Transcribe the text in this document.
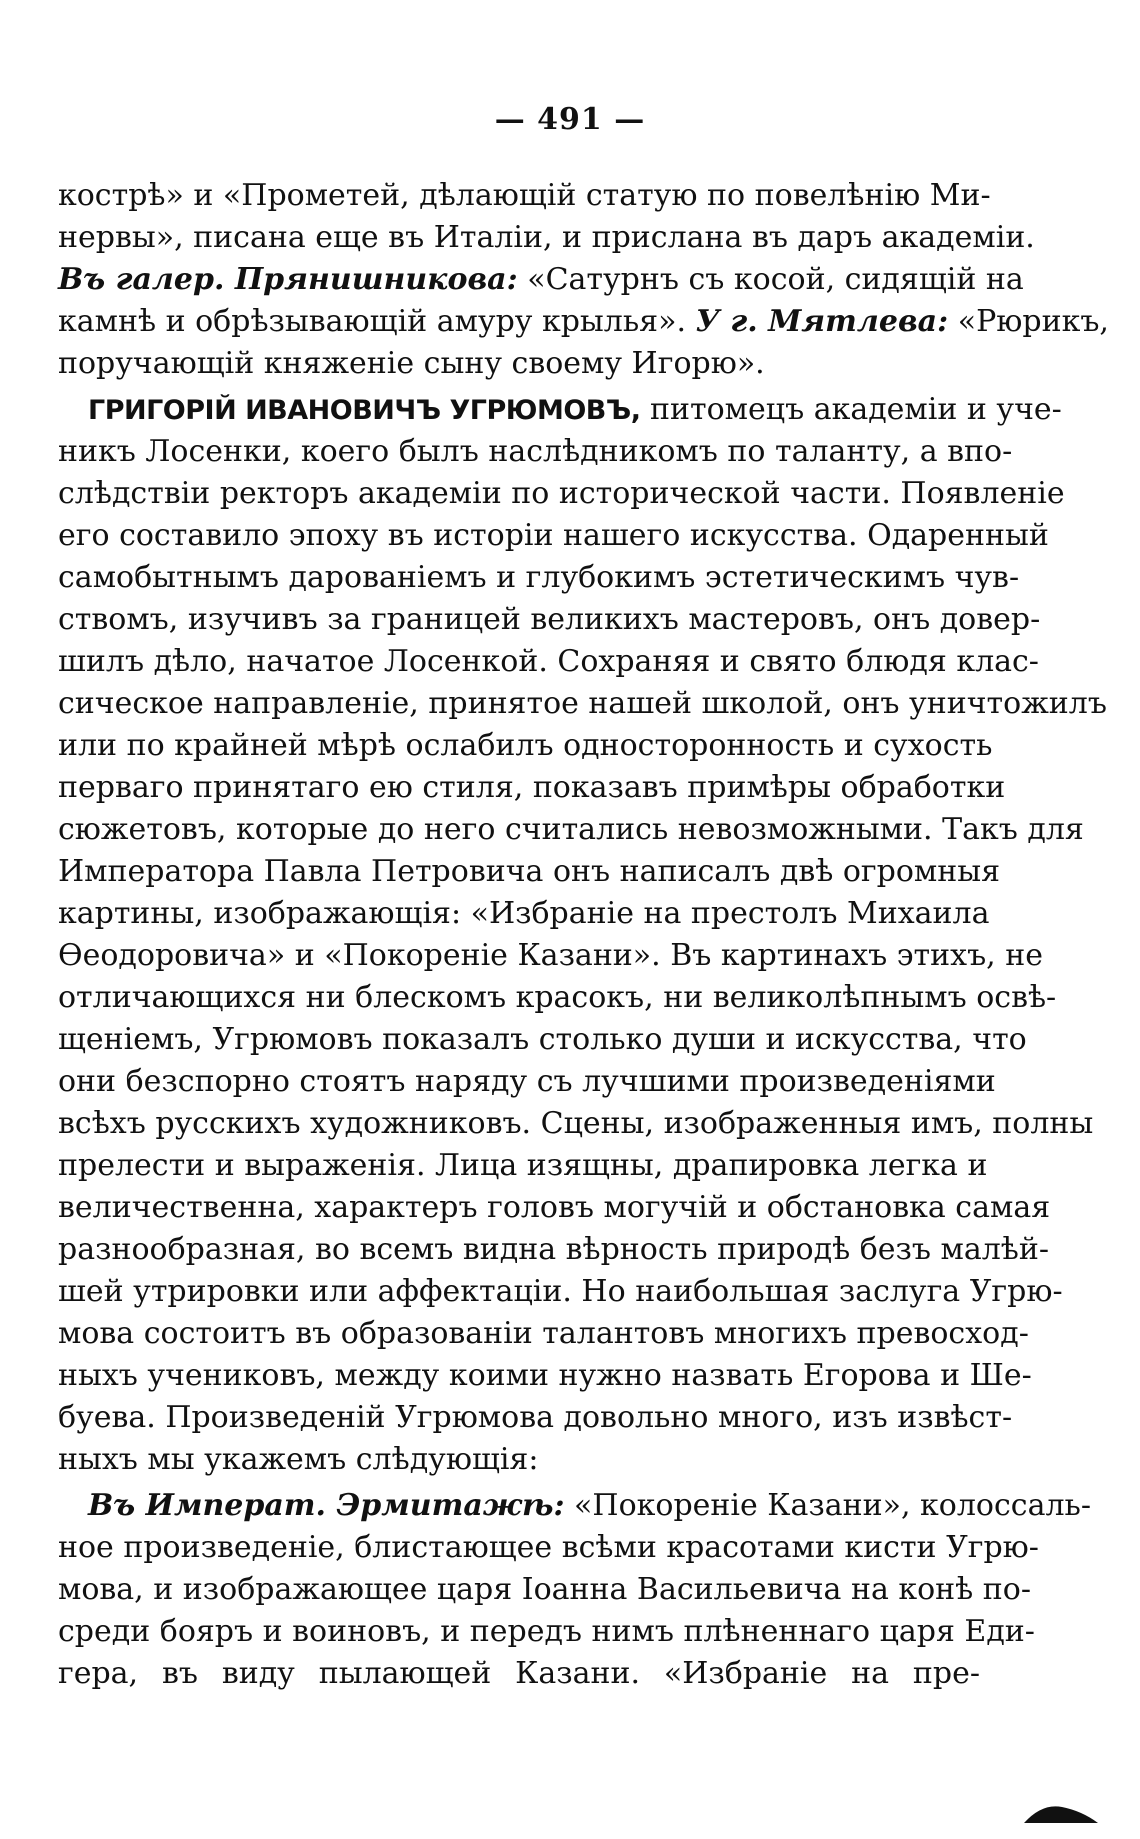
— 491 —
кострѣ» и «Прометей, дѣлающій статую по повелѣнію Ми-
нервы», писана еще въ Италіи, и прислана въ даръ академіи.
Въ галер. Прянишникова: «Сатурнъ съ косой, сидящій на
камнѣ и обрѣзывающій амуру крылья». У г. Мятлева: «Рюрикъ,
поручающій княженіе сыну своему Игорю».
ГРИГОРІЙ ИВАНОВИЧЪ УГРЮМОВЪ, питомецъ академіи и уче-
никъ Лосенки, коего былъ наслѣдникомъ по таланту, а впо-
слѣдствіи ректоръ академіи по исторической части. Появленіе
его составило эпоху въ исторіи нашего искусства. Одаренный
самобытнымъ дарованіемъ и глубокимъ эстетическимъ чув-
ствомъ, изучивъ за границей великихъ мастеровъ, онъ довер-
шилъ дѣло, начатое Лосенкой. Сохраняя и свято блюдя клас-
сическое направленіе, принятое нашей школой, онъ уничтожилъ
или по крайней мѣрѣ ослабилъ односторонность и сухость
перваго принятаго ею стиля, показавъ примѣры обработки
сюжетовъ, которые до него считались невозможными. Такъ для
Императора Павла Петровича онъ написалъ двѣ огромныя
картины, изображающія: «Избраніе на престолъ Михаила
Ѳеодоровича» и «Покореніе Казани». Въ картинахъ этихъ, не
отличающихся ни блескомъ красокъ, ни великолѣпнымъ освѣ-
щеніемъ, Угрюмовъ показалъ столько души и искусства, что
они безспорно стоятъ наряду съ лучшими произведеніями
всѣхъ русскихъ художниковъ. Сцены, изображенныя имъ, полны
прелести и выраженія. Лица изящны, драпировка легка и
величественна, характеръ головъ могучій и обстановка самая
разнообразная, во всемъ видна вѣрность природѣ безъ малѣй-
шей утрировки или аффектаціи. Но наибольшая заслуга Угрю-
мова состоитъ въ образованіи талантовъ многихъ превосход-
ныхъ учениковъ, между коими нужно назвать Егорова и Ше-
буева. Произведеній Угрюмова довольно много, изъ извѣст-
ныхъ мы укажемъ слѣдующія:
Въ Императ. Эрмитажѣ: «Покореніе Казани», колоссаль-
ное произведеніе, блистающее всѣми красотами кисти Угрю-
мова, и изображающее царя Іоанна Васильевича на конѣ по-
среди бояръ и воиновъ, и передъ нимъ плѣненнаго царя Еди-
гера, въ виду пылающей Казани. «Избраніе на пре-
